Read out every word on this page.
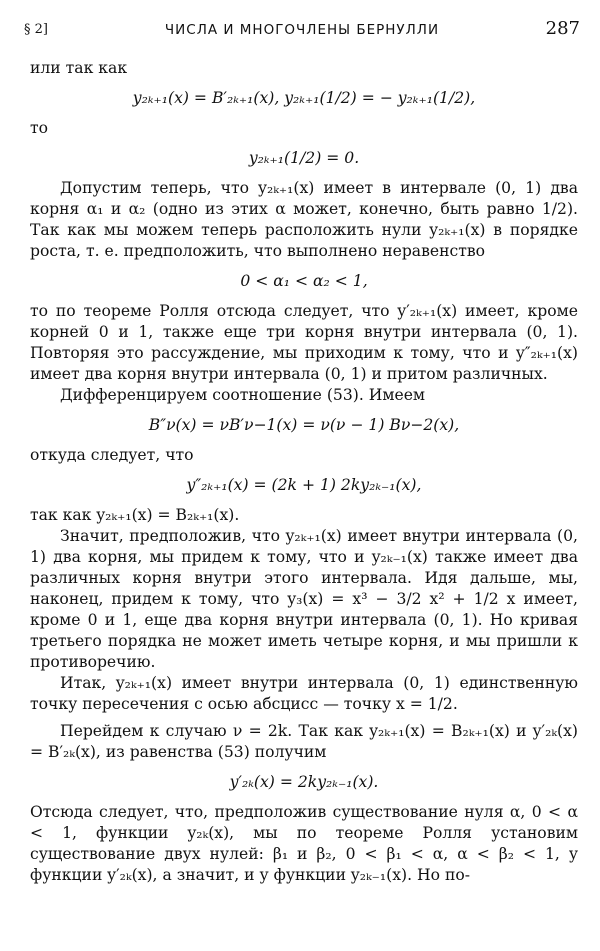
§ 2]	ЧИСЛА И МНОГОЧЛЕНЫ БЕРНУЛЛИ	287

или так как

y₂ₖ₊₁(x) = B′₂ₖ₊₁(x), y₂ₖ₊₁(1/2) = − y₂ₖ₊₁(1/2),

то

y₂ₖ₊₁(1/2) = 0.

Допустим теперь, что y₂ₖ₊₁(x) имеет в интервале (0, 1) два корня α₁ и α₂ (одно из этих α может, конечно, быть равно 1/2). Так как мы можем теперь расположить нули y₂ₖ₊₁(x) в порядке роста, т. е. предположить, что выполнено неравенство

0 < α₁ < α₂ < 1,

то по теореме Ролля отсюда следует, что y′₂ₖ₊₁(x) имеет, кроме корней 0 и 1, также еще три корня внутри интервала (0, 1). Повторяя это рассуждение, мы приходим к тому, что и y″₂ₖ₊₁(x) имеет два корня внутри интервала (0, 1) и притом различных.

Дифференцируем соотношение (53). Имеем

B″ν(x) = νB′ν−1(x) = ν(ν − 1) Bν−2(x),

откуда следует, что

y″₂ₖ₊₁(x) = (2k + 1) 2ky₂ₖ₋₁(x),

так как y₂ₖ₊₁(x) = B₂ₖ₊₁(x).

Значит, предположив, что y₂ₖ₊₁(x) имеет внутри интервала (0, 1) два корня, мы придем к тому, что и y₂ₖ₋₁(x) также имеет два различных корня внутри этого интервала. Идя дальше, мы, наконец, придем к тому, что y₃(x) = x³ − 3/2 x² + 1/2 x имеет, кроме 0 и 1, еще два корня внутри интервала (0, 1). Но кривая третьего порядка не может иметь четыре корня, и мы пришли к противоречию.

Итак, y₂ₖ₊₁(x) имеет внутри интервала (0, 1) единственную точку пересечения с осью абсцисс — точку x = 1/2.

Перейдем к случаю ν = 2k. Так как y₂ₖ₊₁(x) = B₂ₖ₊₁(x) и y′₂ₖ(x) = B′₂ₖ(x), из равенства (53) получим

y′₂ₖ(x) = 2ky₂ₖ₋₁(x).

Отсюда следует, что, предположив существование нуля α, 0 < α < 1, функции y₂ₖ(x), мы по теореме Ролля установим существование двух нулей: β₁ и β₂, 0 < β₁ < α, α < β₂ < 1, у функции y′₂ₖ(x), а значит, и у функции y₂ₖ₋₁(x). Но по-
